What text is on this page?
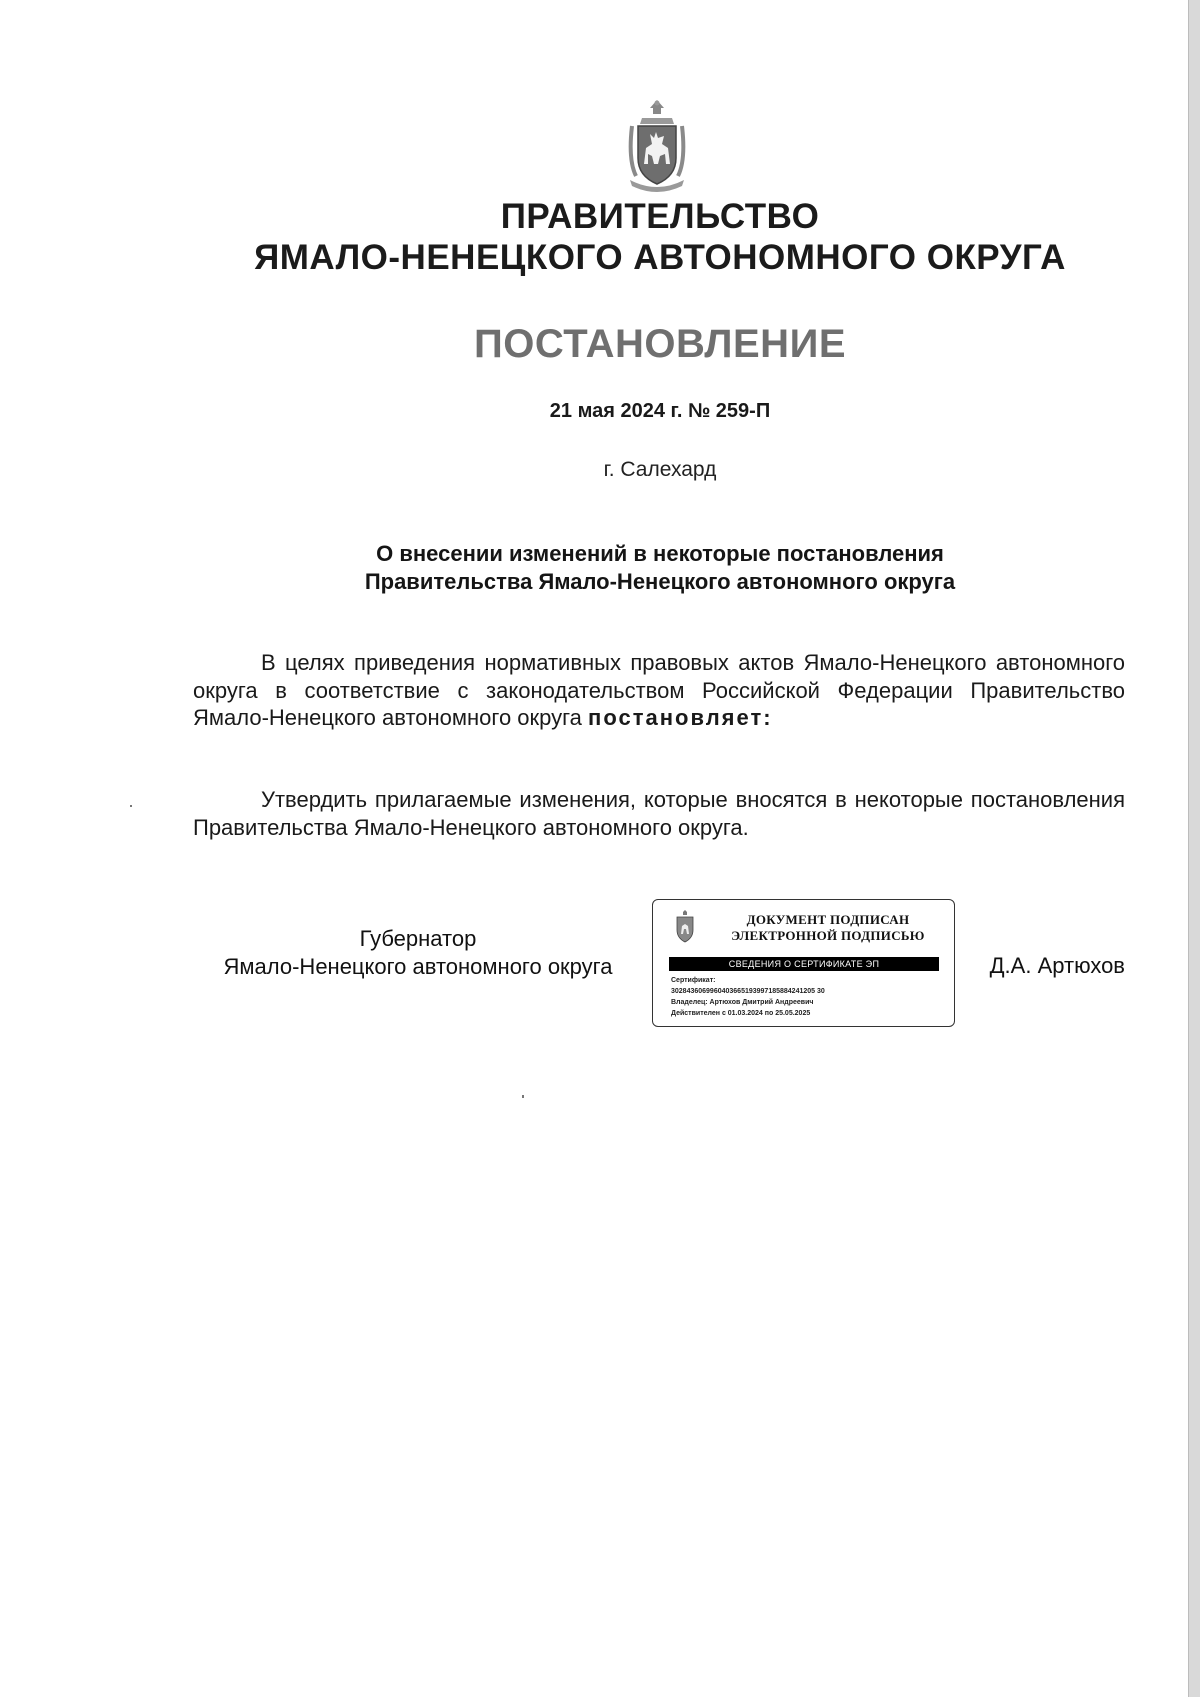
ПРАВИТЕЛЬСТВО
ЯМАЛО-НЕНЕЦКОГО АВТОНОМНОГО ОКРУГА
ПОСТАНОВЛЕНИЕ
21 мая 2024 г. № 259-П
г. Салехард
О внесении изменений в некоторые постановления
Правительства Ямало-Ненецкого автономного округа
В целях приведения нормативных правовых актов Ямало-Ненецкого автономного округа в соответствие с законодательством Российской Федерации Правительство Ямало-Ненецкого автономного округа постановляет:
Утвердить прилагаемые изменения, которые вносятся в некоторые постановления Правительства Ямало-Ненецкого автономного округа.
Губернатор
Ямало-Ненецкого автономного округа
ДОКУМЕНТ ПОДПИСАН
ЭЛЕКТРОННОЙ ПОДПИСЬЮ
СВЕДЕНИЯ О СЕРТИФИКАТЕ ЭП
Сертификат:
3028436069960403665193997185884241205 30
Владелец: Артюхов Дмитрий Андреевич
Действителен с 01.03.2024 по 25.05.2025
Д.А. Артюхов
